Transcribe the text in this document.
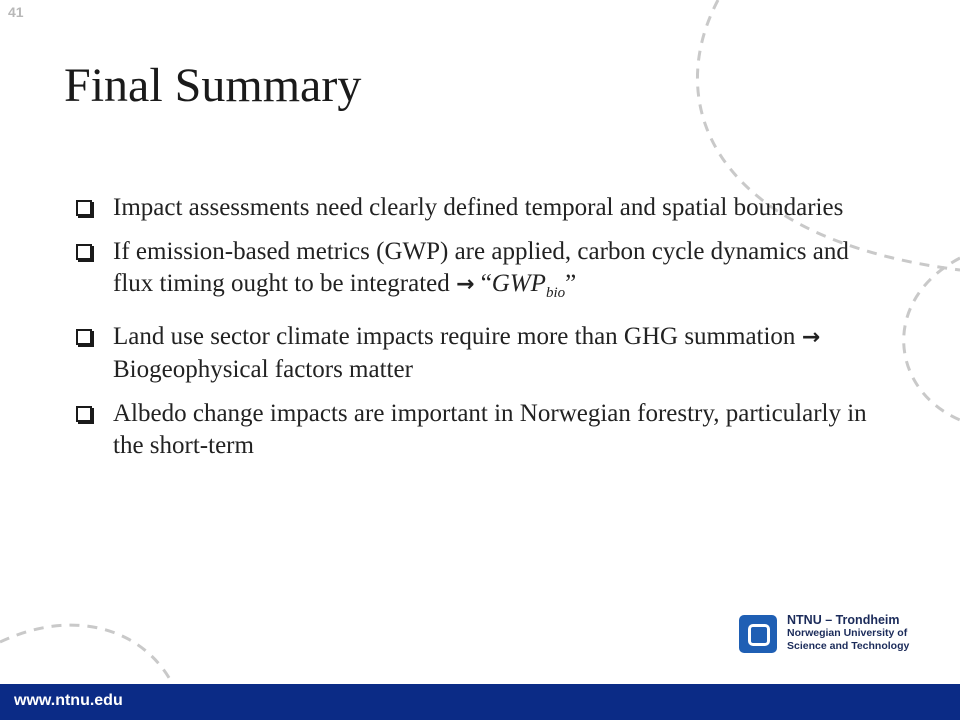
41
Final Summary
Impact assessments need clearly defined temporal and spatial boundaries
If emission-based metrics (GWP) are applied, carbon cycle dynamics and flux timing ought to be integrated → “$GWP_{bio}$”
Land use sector climate impacts require more than GHG summation → Biogeophysical factors matter
Albedo change impacts are important in Norwegian forestry, particularly in the short-term
NTNU – Trondheim
Norwegian University of
Science and Technology
www.ntnu.edu
